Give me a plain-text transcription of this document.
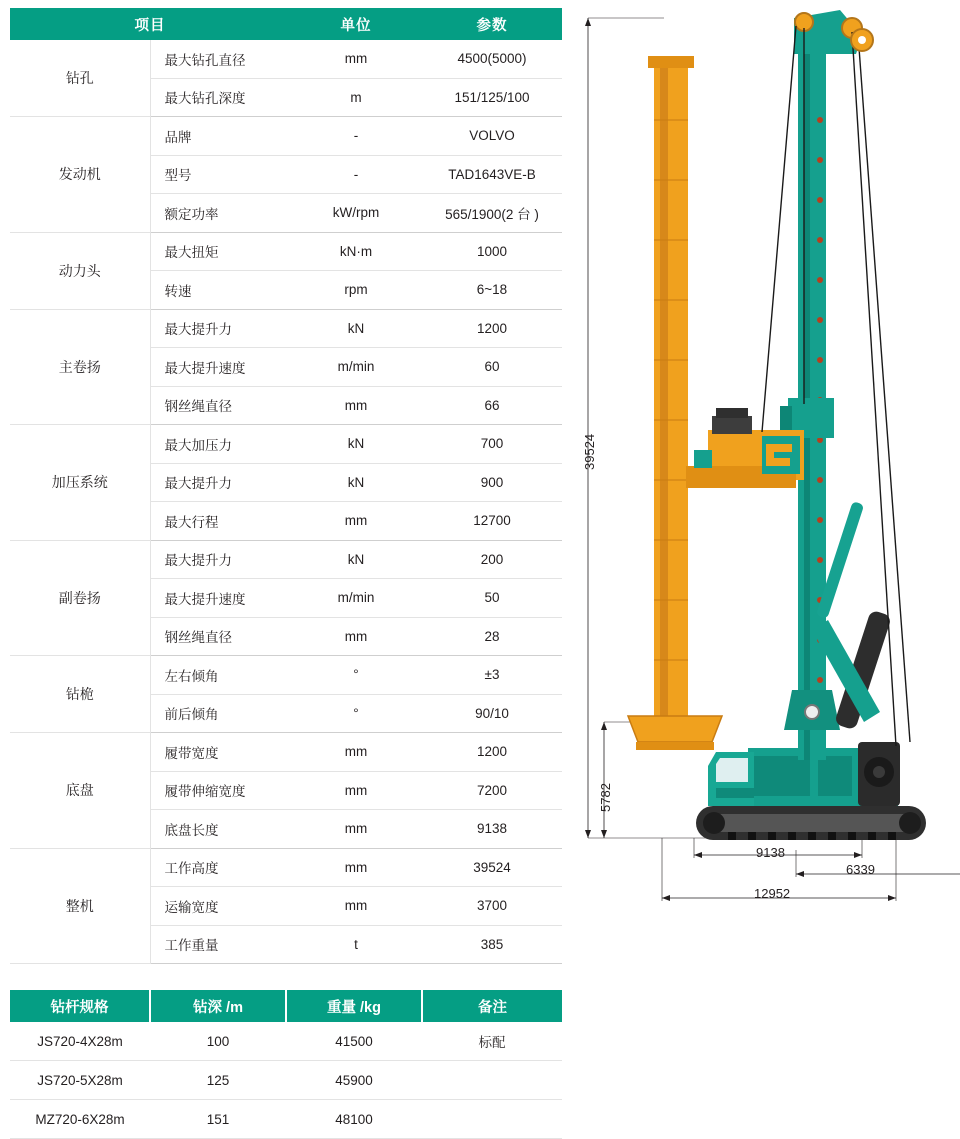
项目		单位	参数
钻孔	最大钻孔直径	mm	4500(5000)
	最大钻孔深度	m	151/125/100
发动机	品牌	-	VOLVO
	型号	-	TAD1643VE-B
	额定功率	kW/rpm	565/1900(2 台 )
动力头	最大扭矩	kN·m	1000
	转速	rpm	6~18
主卷扬	最大提升力	kN	1200
	最大提升速度	m/min	60
	钢丝绳直径	mm	66
加压系统	最大加压力	kN	700
	最大提升力	kN	900
	最大行程	mm	12700
副卷扬	最大提升力	kN	200
	最大提升速度	m/min	50
	钢丝绳直径	mm	28
钻桅	左右倾角	°	±3
	前后倾角	°	90/10
底盘	履带宽度	mm	1200
	履带伸缩宽度	mm	7200
	底盘长度	mm	9138
整机	工作高度	mm	39524
	运输宽度	mm	3700
	工作重量	t	385
钻杆规格	钻深 /m	重量 /kg	备注
JS720-4X28m	100	41500	标配
JS720-5X28m	125	45900	
MZ720-6X28m	151	48100	
39524
5782
9138
6339
12952
